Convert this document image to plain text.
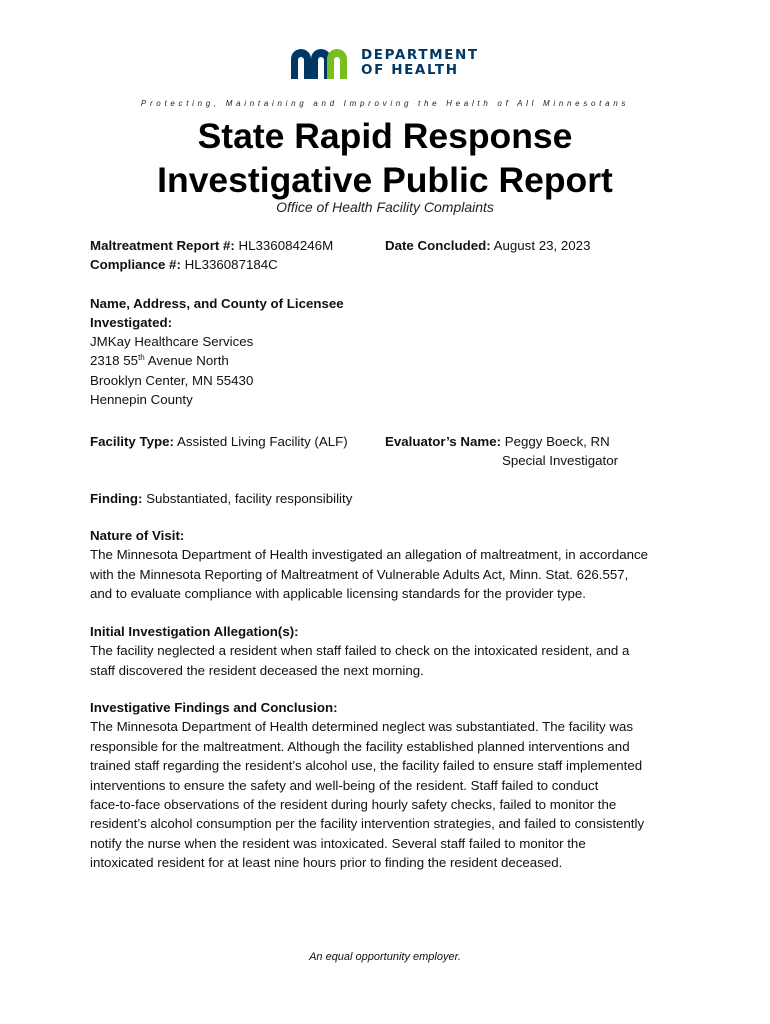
DEPARTMENT
OF HEALTH
Protecting, Maintaining and Improving the Health of All Minnesotans
State Rapid Response
Investigative Public Report
Office of Health Facility Complaints
Maltreatment Report #: HL336084246M
Compliance #: HL336087184C
Date Concluded: August 23, 2023
Name, Address, and County of Licensee
Investigated:
JMKay Healthcare Services
2318 55th Avenue North
Brooklyn Center, MN 55430
Hennepin County
Facility Type: Assisted Living Facility (ALF)	Evaluator’s Name: Peggy Boeck, RN
Special Investigator
Finding: Substantiated, facility responsibility
Nature of Visit:
The Minnesota Department of Health investigated an allegation of maltreatment, in accordance
with the Minnesota Reporting of Maltreatment of Vulnerable Adults Act, Minn. Stat. 626.557,
and to evaluate compliance with applicable licensing standards for the provider type.
Initial Investigation Allegation(s):
The facility neglected a resident when staff failed to check on the intoxicated resident, and a
staff discovered the resident deceased the next morning.
Investigative Findings and Conclusion:
The Minnesota Department of Health determined neglect was substantiated. The facility was
responsible for the maltreatment. Although the facility established planned interventions and
trained staff regarding the resident’s alcohol use, the facility failed to ensure staff implemented
interventions to ensure the safety and well-being of the resident. Staff failed to conduct
face-to-face observations of the resident during hourly safety checks, failed to monitor the
resident’s alcohol consumption per the facility intervention strategies, and failed to consistently
notify the nurse when the resident was intoxicated. Several staff failed to monitor the
intoxicated resident for at least nine hours prior to finding the resident deceased.
An equal opportunity employer.
